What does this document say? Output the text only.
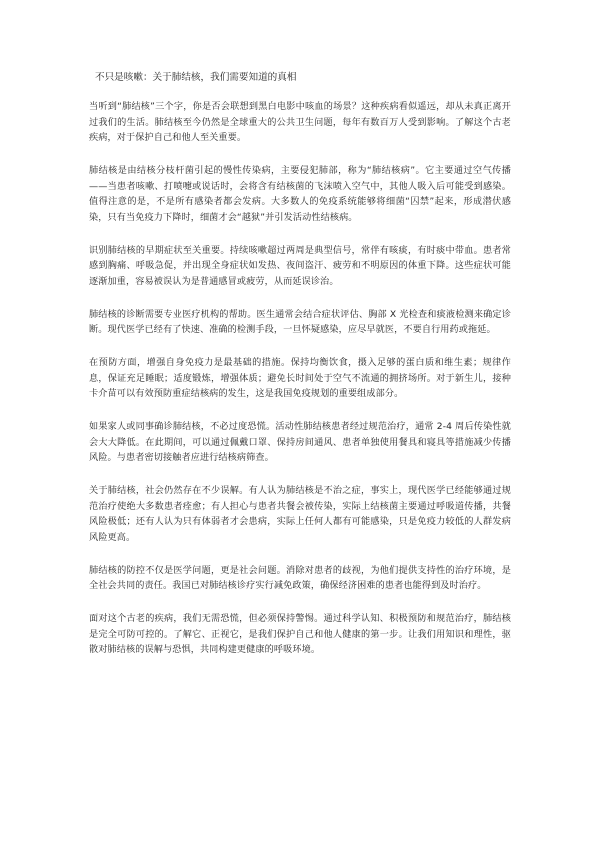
不只是咳嗽：关于肺结核，我们需要知道的真相

当听到“肺结核”三个字，你是否会联想到黑白电影中咳血的场景？这种疾病看似遥远，却从未真正离开过我们的生活。肺结核至今仍然是全球重大的公共卫生问题，每年有数百万人受到影响。了解这个古老疾病，对于保护自己和他人至关重要。

肺结核是由结核分枝杆菌引起的慢性传染病，主要侵犯肺部，称为“肺结核病”。它主要通过空气传播——当患者咳嗽、打喷嚏或说话时，会将含有结核菌的飞沫喷入空气中，其他人吸入后可能受到感染。值得注意的是，不是所有感染者都会发病。大多数人的免疫系统能够将细菌“囚禁”起来，形成潜伏感染，只有当免疫力下降时，细菌才会“越狱”并引发活动性结核病。

识别肺结核的早期症状至关重要。持续咳嗽超过两周是典型信号，常伴有咳痰，有时痰中带血。患者常感到胸痛、呼吸急促，并出现全身症状如发热、夜间盗汗、疲劳和不明原因的体重下降。这些症状可能逐渐加重，容易被误认为是普通感冒或疲劳，从而延误诊治。

肺结核的诊断需要专业医疗机构的帮助。医生通常会结合症状评估、胸部 X 光检查和痰液检测来确定诊断。现代医学已经有了快速、准确的检测手段，一旦怀疑感染，应尽早就医，不要自行用药或拖延。

在预防方面，增强自身免疫力是最基础的措施。保持均衡饮食，摄入足够的蛋白质和维生素；规律作息，保证充足睡眠；适度锻炼，增强体质；避免长时间处于空气不流通的拥挤场所。对于新生儿，接种卡介苗可以有效预防重症结核病的发生，这是我国免疫规划的重要组成部分。

如果家人或同事确诊肺结核，不必过度恐慌。活动性肺结核患者经过规范治疗，通常 2-4 周后传染性就会大大降低。在此期间，可以通过佩戴口罩、保持房间通风、患者单独使用餐具和寝具等措施减少传播风险。与患者密切接触者应进行结核病筛查。

关于肺结核，社会仍然存在不少误解。有人认为肺结核是不治之症，事实上，现代医学已经能够通过规范治疗使绝大多数患者痊愈；有人担心与患者共餐会被传染，实际上结核菌主要通过呼吸道传播，共餐风险极低；还有人认为只有体弱者才会患病，实际上任何人都有可能感染，只是免疫力较低的人群发病风险更高。

肺结核的防控不仅是医学问题，更是社会问题。消除对患者的歧视，为他们提供支持性的治疗环境，是全社会共同的责任。我国已对肺结核诊疗实行减免政策，确保经济困难的患者也能得到及时治疗。

面对这个古老的疾病，我们无需恐慌，但必须保持警惕。通过科学认知、积极预防和规范治疗，肺结核是完全可防可控的。了解它、正视它，是我们保护自己和他人健康的第一步。让我们用知识和理性，驱散对肺结核的误解与恐惧，共同构建更健康的呼吸环境。
